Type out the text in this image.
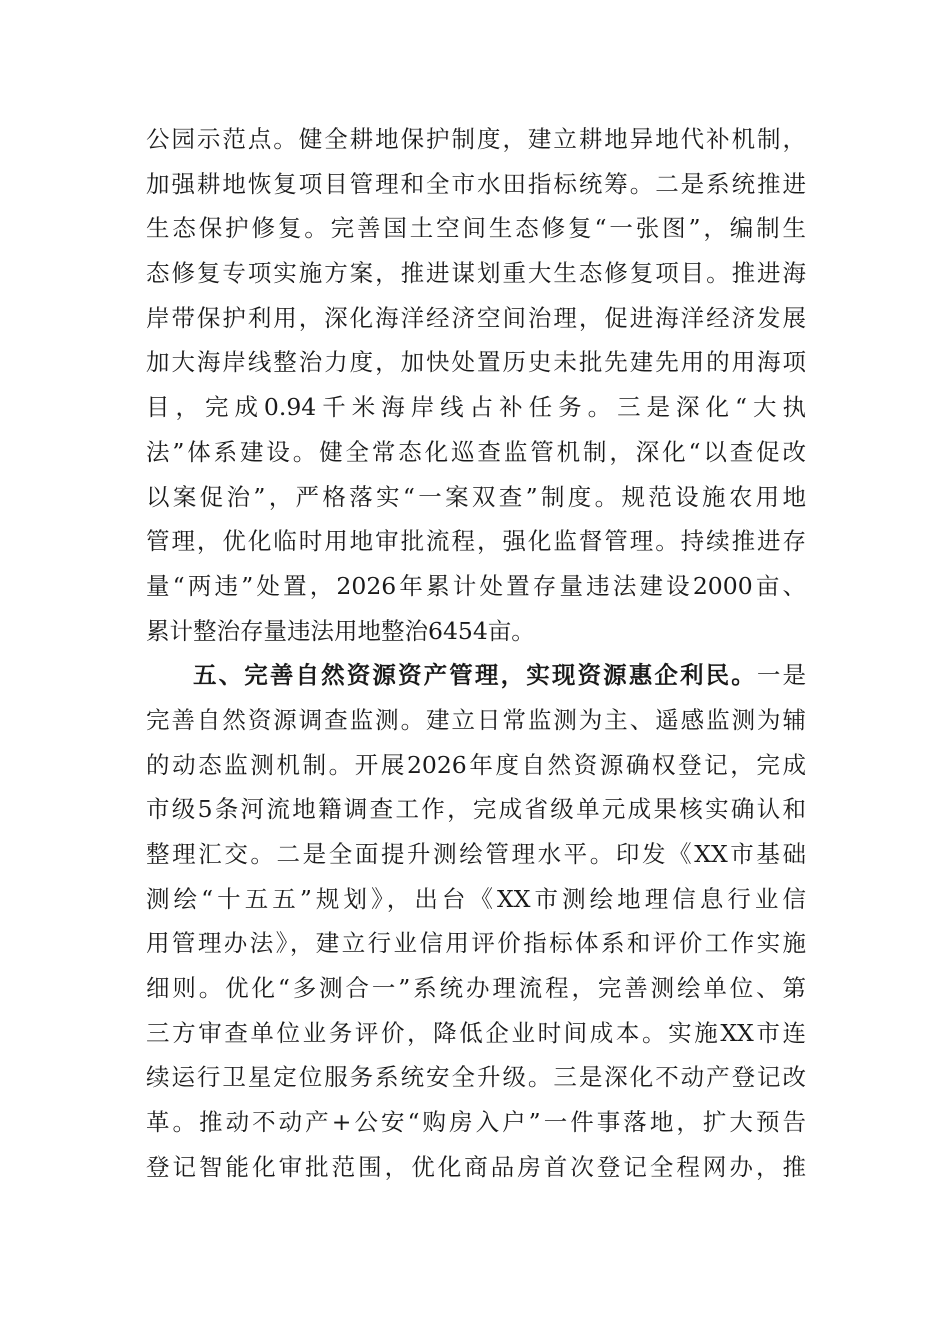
公园示范点。健全耕地保护制度，建立耕地异地代补机制，
加强耕地恢复项目管理和全市水田指标统筹。二是系统推进
生态保护修复。完善国土空间生态修复“一张图”，编制生
态修复专项实施方案，推进谋划重大生态修复项目。推进海
岸带保护利用，深化海洋经济空间治理，促进海洋经济发展
加大海岸线整治力度，加快处置历史未批先建先用的用海项
目，完成0.94千米海岸线占补任务。三是深化“大执
法”体系建设。健全常态化巡查监管机制，深化“以查促改
以案促治”，严格落实“一案双查”制度。规范设施农用地
管理，优化临时用地审批流程，强化监督管理。持续推进存
量“两违”处置，2026年累计处置存量违法建设2000亩、
累计整治存量违法用地整治6454亩。
五、完善自然资源资产管理，实现资源惠企利民。一是
完善自然资源调查监测。建立日常监测为主、遥感监测为辅
的动态监测机制。开展2026年度自然资源确权登记，完成
市级5条河流地籍调查工作，完成省级单元成果核实确认和
整理汇交。二是全面提升测绘管理水平。印发《XX市基础
测绘“十五五”规划》，出台《XX市测绘地理信息行业信
用管理办法》，建立行业信用评价指标体系和评价工作实施
细则。优化“多测合一”系统办理流程，完善测绘单位、第
三方审查单位业务评价，降低企业时间成本。实施XX市连
续运行卫星定位服务系统安全升级。三是深化不动产登记改
革。推动不动产+公安“购房入户”一件事落地，扩大预告
登记智能化审批范围，优化商品房首次登记全程网办，推
